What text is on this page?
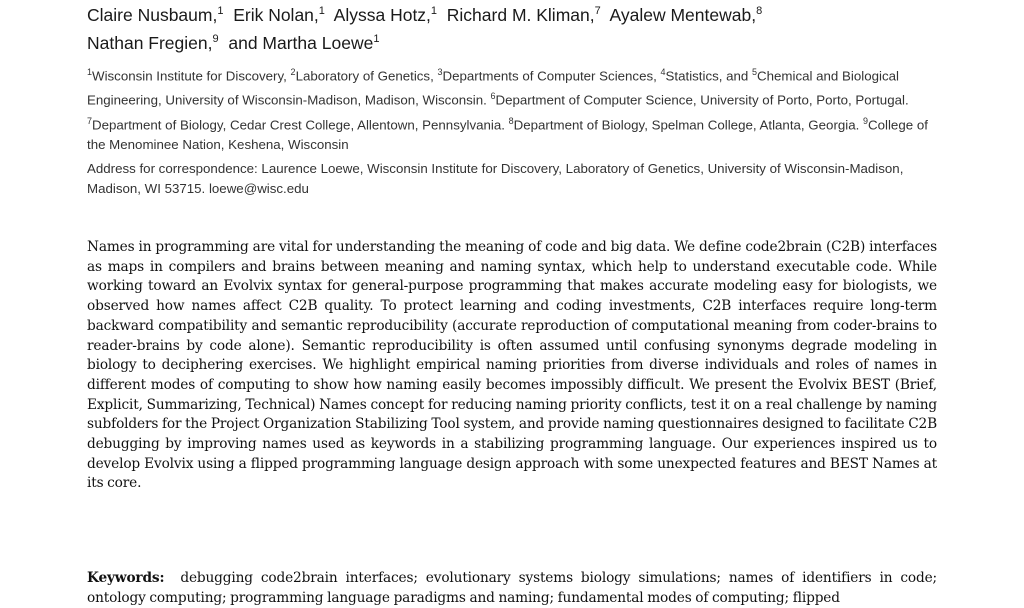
Claire Nusbaum,$^1$ Erik Nolan,$^1$ Alyssa Hotz,$^1$ Richard M. Kliman,$^7$ Ayalew Mentewab,$^8$
Nathan Fregien,$^9$ and Martha Loewe$^1$
$^1$Wisconsin Institute for Discovery, $^2$Laboratory of Genetics, $^3$Departments of Computer Sciences, $^4$Statistics, and $^5$Chemical and Biological Engineering, University of Wisconsin-Madison, Madison, Wisconsin. $^6$Department of Computer Science, University of Porto, Porto, Portugal. $^7$Department of Biology, Cedar Crest College, Allentown, Pennsylvania. $^8$Department of Biology, Spelman College, Atlanta, Georgia. $^9$College of the Menominee Nation, Keshena, Wisconsin
Address for correspondence: Laurence Loewe, Wisconsin Institute for Discovery, Laboratory of Genetics, University of Wisconsin-Madison, Madison, WI 53715. loewe@wisc.edu

Names in programming are vital for understanding the meaning of code and big data. We define code2brain (C2B) interfaces as maps in compilers and brains between meaning and naming syntax, which help to understand executable code. While working toward an Evolvix syntax for general-purpose programming that makes accurate modeling easy for biologists, we observed how names affect C2B quality. To protect learning and coding investments, C2B interfaces require long-term backward compatibility and semantic reproducibility (accurate reproduction of computational meaning from coder-brains to reader-brains by code alone). Semantic reproducibility is often assumed until confusing synonyms degrade modeling in biology to deciphering exercises. We highlight empirical naming priorities from diverse individuals and roles of names in different modes of computing to show how naming easily becomes impossibly difficult. We present the Evolvix BEST (Brief, Explicit, Summarizing, Technical) Names concept for reducing naming priority conflicts, test it on a real challenge by naming subfolders for the Project Organization Stabilizing Tool system, and provide naming questionnaires designed to facilitate C2B debugging by improving names used as keywords in a stabilizing programming language. Our experiences inspired us to develop Evolvix using a flipped programming language design approach with some unexpected features and BEST Names at its core.

Keywords: debugging code2brain interfaces; evolutionary systems biology simulations; names of identifiers in code; ontology computing; programming language paradigms and naming; fundamental modes of computing; flipped
